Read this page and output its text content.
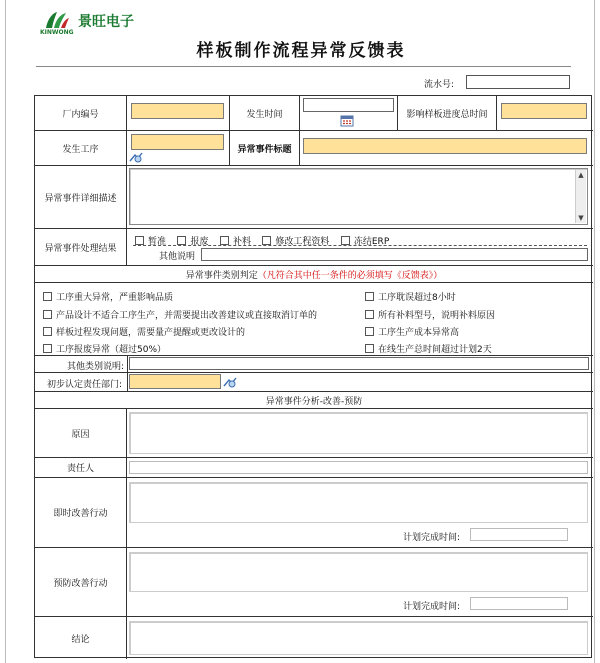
景旺电子
KINWONG
样板制作流程异常反馈表
流水号:
厂内编号	发生时间	影响样板进度总时间
发生工序	异常事件标题
异常事件详细描述
▲
▼
异常事件处理结果
暂准	报废	补料	修改工程资料	冻结ERP
其他说明
异常事件类别判定 （凡符合其中任一条件的必须填写《反馈表》）
工序重大异常，严重影响品质
产品设计不适合工序生产，并需要提出改善建议或直接取消订单的
样板过程发现问题，需要量产提醒或更改设计的
工序报废异常（超过50%）
工序耽误超过8小时
所有补料型号，说明补料原因
工序生产成本异常高
在线生产总时间超过计划2天
其他类别说明:
初步认定责任部门:
异常事件分析-改善-预防
原因
责任人
即时改善行动
计划完成时间:
预防改善行动
计划完成时间:
结论
